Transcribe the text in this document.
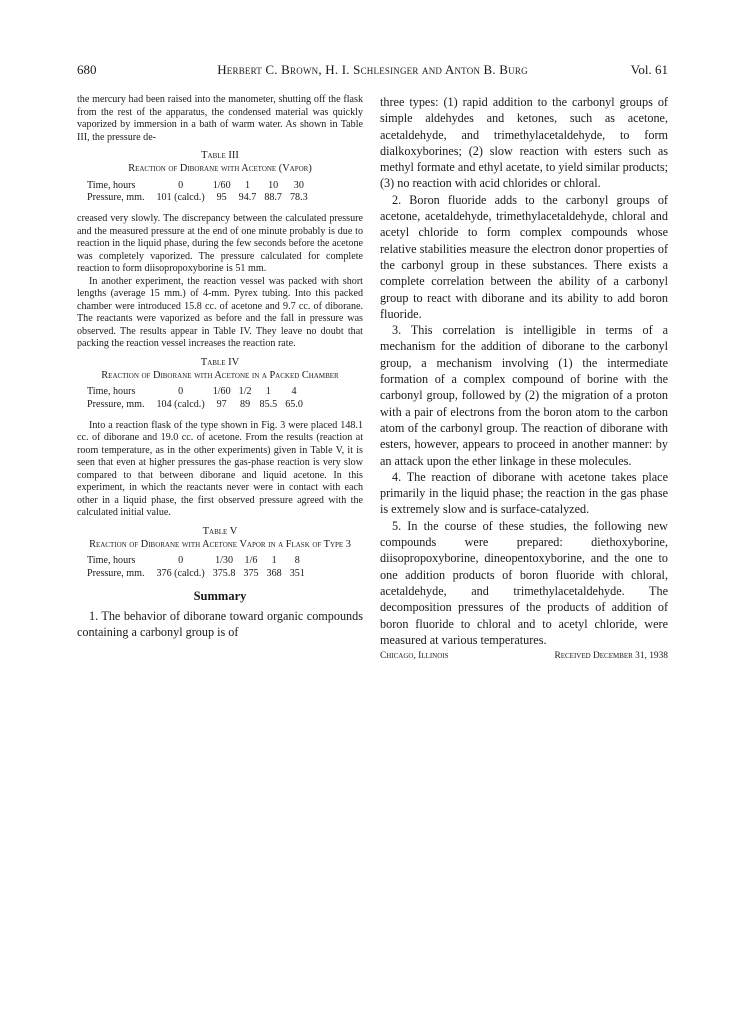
680	Herbert C. Brown, H. I. Schlesinger and Anton B. Burg	Vol. 61

the mercury had been raised into the manometer, shutting off the flask from the rest of the apparatus, the condensed material was quickly vaporized by immersion in a bath of warm water. As shown in Table III, the pressure de-

Table III
Reaction of Diborane with Acetone (Vapor)
Time, hours	0	1/60	1	10	30
Pressure, mm.	101 (calcd.)	95	94.7	88.7	78.3

creased very slowly. The discrepancy between the calculated pressure and the measured pressure at the end of one minute probably is due to reaction in the liquid phase, during the few seconds before the acetone was completely vaporized. The pressure calculated for complete reaction to form diisopropoxyborine is 51 mm.

In another experiment, the reaction vessel was packed with short lengths (average 15 mm.) of 4-mm. Pyrex tubing. Into this packed chamber were introduced 15.8 cc. of acetone and 9.7 cc. of diborane. The reactants were vaporized as before and the fall in pressure was observed. The results appear in Table IV. They leave no doubt that packing the reaction vessel increases the reaction rate.

Table IV
Reaction of Diborane with Acetone in a Packed Chamber
Time, hours	0	1/60	1/2	1	4
Pressure, mm.	104 (calcd.)	97	89	85.5	65.0

Into a reaction flask of the type shown in Fig. 3 were placed 148.1 cc. of diborane and 19.0 cc. of acetone. From the results (reaction at room temperature, as in the other experiments) given in Table V, it is seen that even at higher pressures the gas-phase reaction is very slow compared to that between diborane and liquid acetone. In this experiment, in which the reactants never were in contact with each other in a liquid phase, the first observed pressure agreed with the calculated initial value.

Table V
Reaction of Diborane with Acetone Vapor in a Flask of Type 3
Time, hours	0	1/30	1/6	1	8
Pressure, mm.	376 (calcd.)	375.8	375	368	351
Summary

1. The behavior of diborane toward organic compounds containing a carbonyl group is of

three types: (1) rapid addition to the carbonyl groups of simple aldehydes and ketones, such as acetone, acetaldehyde, and trimethylacetaldehyde, to form dialkoxyborines; (2) slow reaction with esters such as methyl formate and ethyl acetate, to yield similar products; (3) no reaction with acid chlorides or chloral.

2. Boron fluoride adds to the carbonyl groups of acetone, acetaldehyde, trimethylacetaldehyde, chloral and acetyl chloride to form complex compounds whose relative stabilities measure the electron donor properties of the carbonyl group in these substances. There exists a complete correlation between the ability of a carbonyl group to react with diborane and its ability to add boron fluoride.

3. This correlation is intelligible in terms of a mechanism for the addition of diborane to the carbonyl group, a mechanism involving (1) the intermediate formation of a complex compound of borine with the carbonyl group, followed by (2) the migration of a proton with a pair of electrons from the boron atom to the carbon atom of the carbonyl group. The reaction of diborane with esters, however, appears to proceed in another manner: by an attack upon the ether linkage in these molecules.

4. The reaction of diborane with acetone takes place primarily in the liquid phase; the reaction in the gas phase is extremely slow and is surface-catalyzed.

5. In the course of these studies, the following new compounds were prepared: diethoxyborine, diisopropoxyborine, dineopentoxyborine, and the one to one addition products of boron fluoride with chloral, acetaldehyde, and trimethylacetaldehyde. The decomposition pressures of the products of addition of boron fluoride to chloral and to acetyl chloride, were measured at various temperatures.

Chicago, Illinois	Received December 31, 1938
